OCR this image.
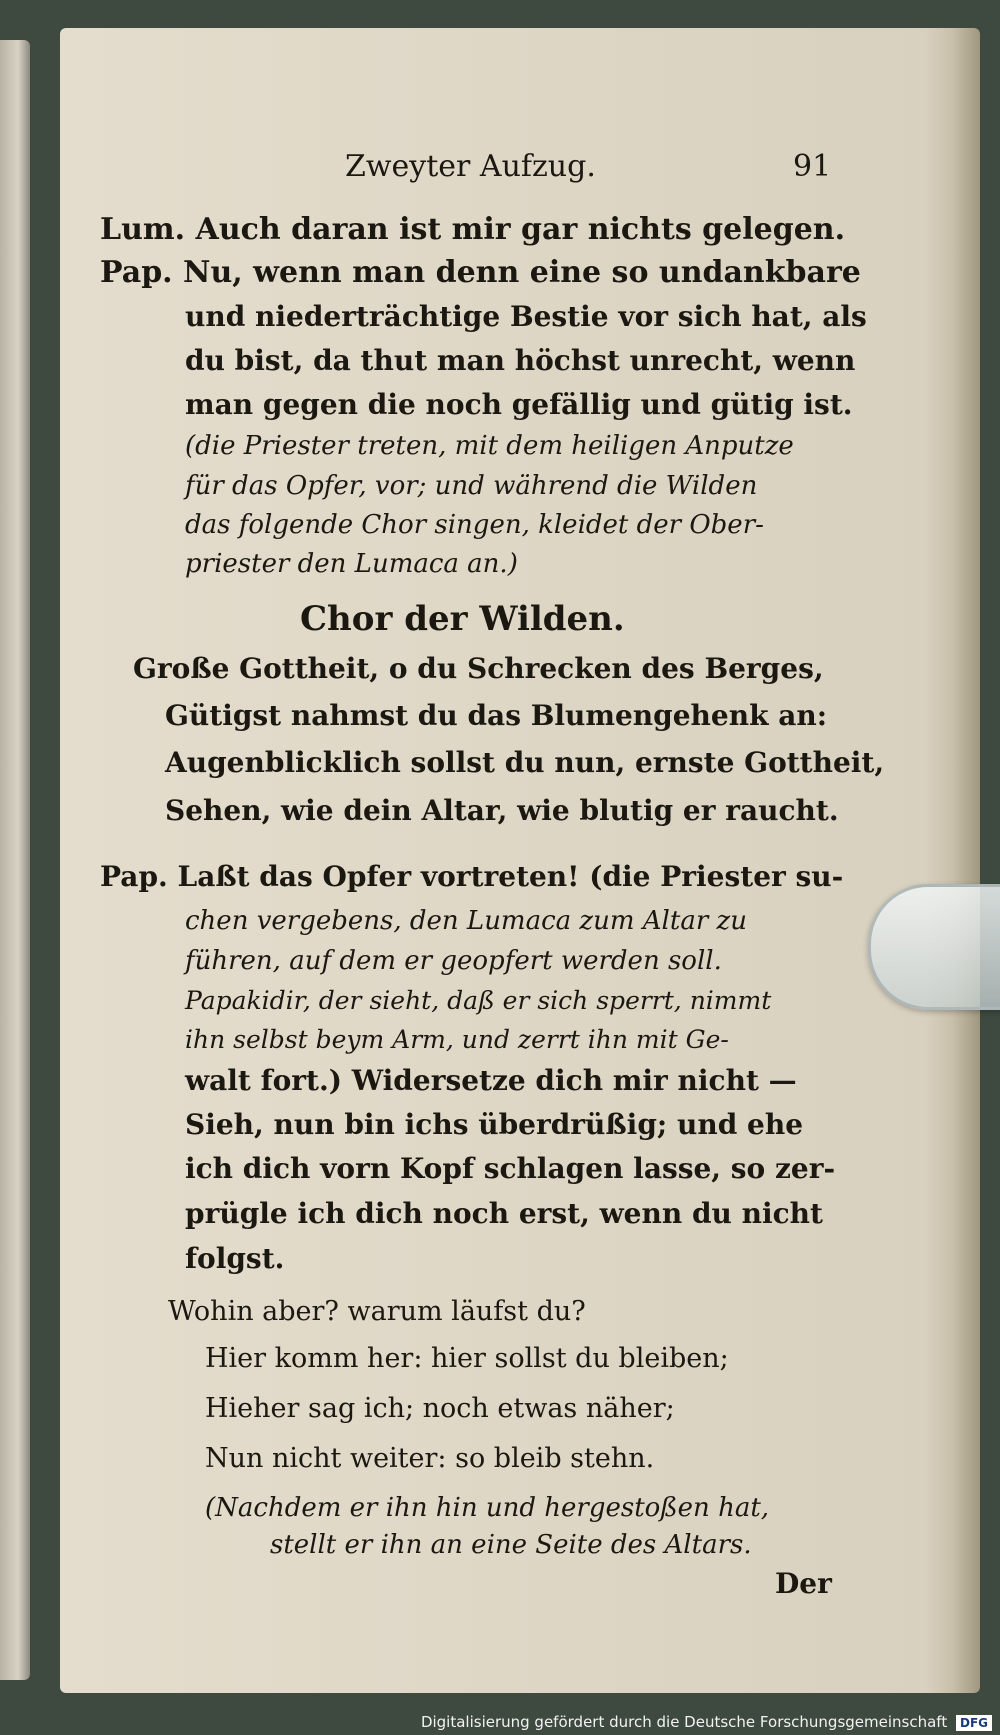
Zweyter Aufzug.	91
Lum. Auch daran ist mir gar nichts gelegen.
Pap. Nu, wenn man denn eine so undankbare
und niederträchtige Bestie vor sich hat, als
du bist, da thut man höchst unrecht, wenn
man gegen die noch gefällig und gütig ist.
(die Priester treten, mit dem heiligen Anputze
für das Opfer, vor; und während die Wilden
das folgende Chor singen, kleidet der Ober-
priester den Lumaca an.)
Chor der Wilden.
Große Gottheit, o du Schrecken des Berges,
Gütigst nahmst du das Blumengehenk an:
Augenblicklich sollst du nun, ernste Gottheit,
Sehen, wie dein Altar, wie blutig er raucht.
Pap. Laßt das Opfer vortreten! (die Priester su-
chen vergebens, den Lumaca zum Altar zu
führen, auf dem er geopfert werden soll.
Papakidir, der sieht, daß er sich sperrt, nimmt
ihn selbst beym Arm, und zerrt ihn mit Ge-
walt fort.) Widersetze dich mir nicht —
Sieh, nun bin ichs überdrüßig; und ehe
ich dich vorn Kopf schlagen lasse, so zer-
prügle ich dich noch erst, wenn du nicht
folgst.
Wohin aber? warum läufst du?
Hier komm her: hier sollst du bleiben;
Hieher sag ich; noch etwas näher;
Nun nicht weiter: so bleib stehn.
(Nachdem er ihn hin und hergestoßen hat,
stellt er ihn an eine Seite des Altars.
Der
Digitalisierung gefördert durch die Deutsche Forschungsgemeinschaft DFG
